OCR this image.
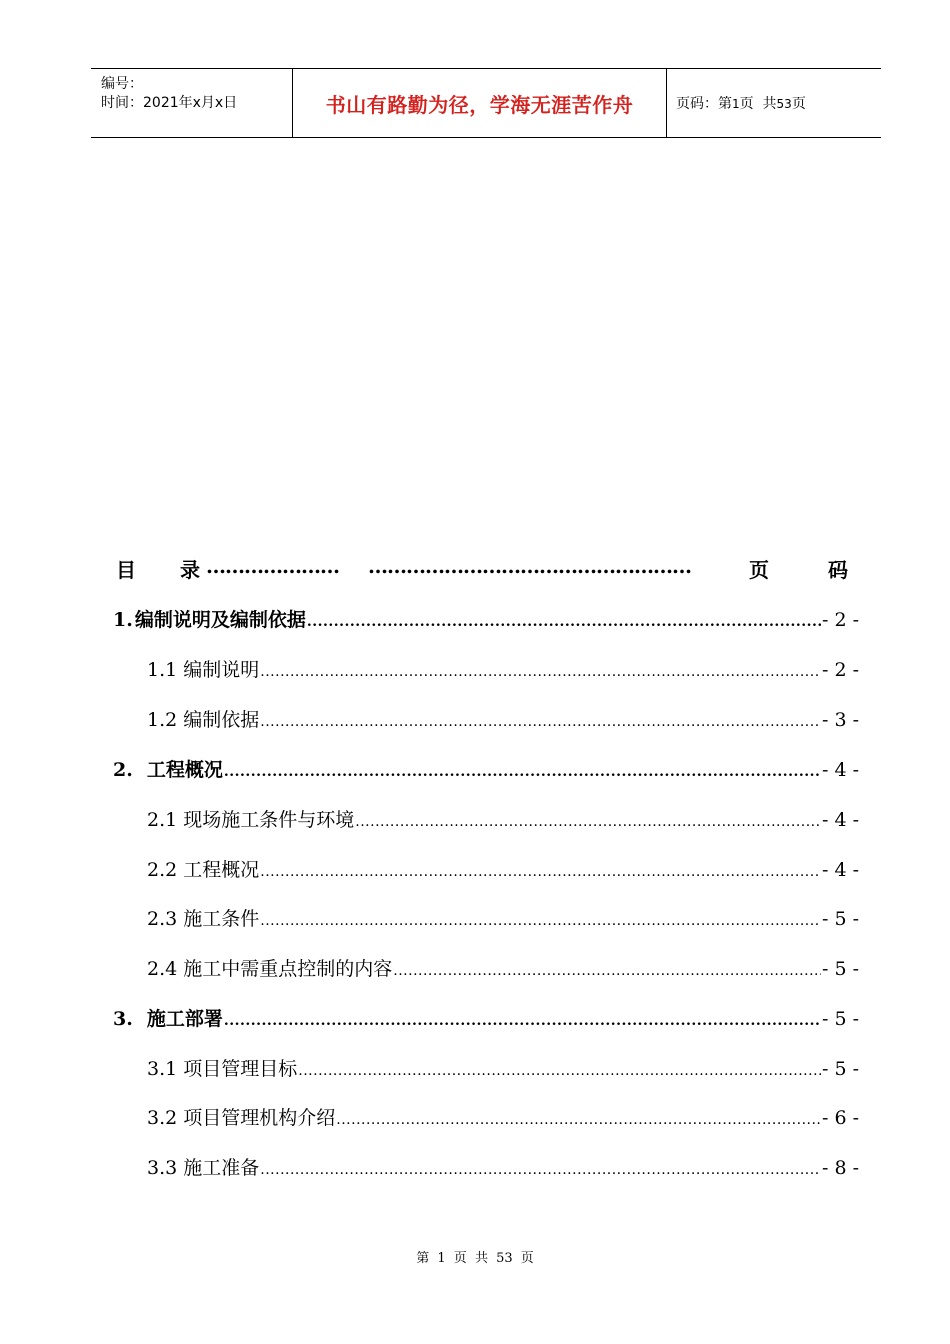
编号：
时间：2021年x月x日	书山有路勤为径，学海无涯苦作舟	页码：第1页  共53页
目 录 ………………… ……………………………………………	页	码
1. 编制说明及编制依据 .....	- 2 -
1.1 编制说明 .....	- 2 -
1.2 编制依据 .....	- 3 -
2. 工程概况 .....	- 4 -
2.1 现场施工条件与环境 .....	- 4 -
2.2 工程概况 .....	- 4 -
2.3 施工条件 .....	- 5 -
2.4 施工中需重点控制的内容 .....	- 5 -
3. 施工部署 .....	- 5 -
3.1 项目管理目标 .....	- 5 -
3.2 项目管理机构介绍 .....	- 6 -
3.3 施工准备 .....	- 8 -
第 1 页 共 53 页
